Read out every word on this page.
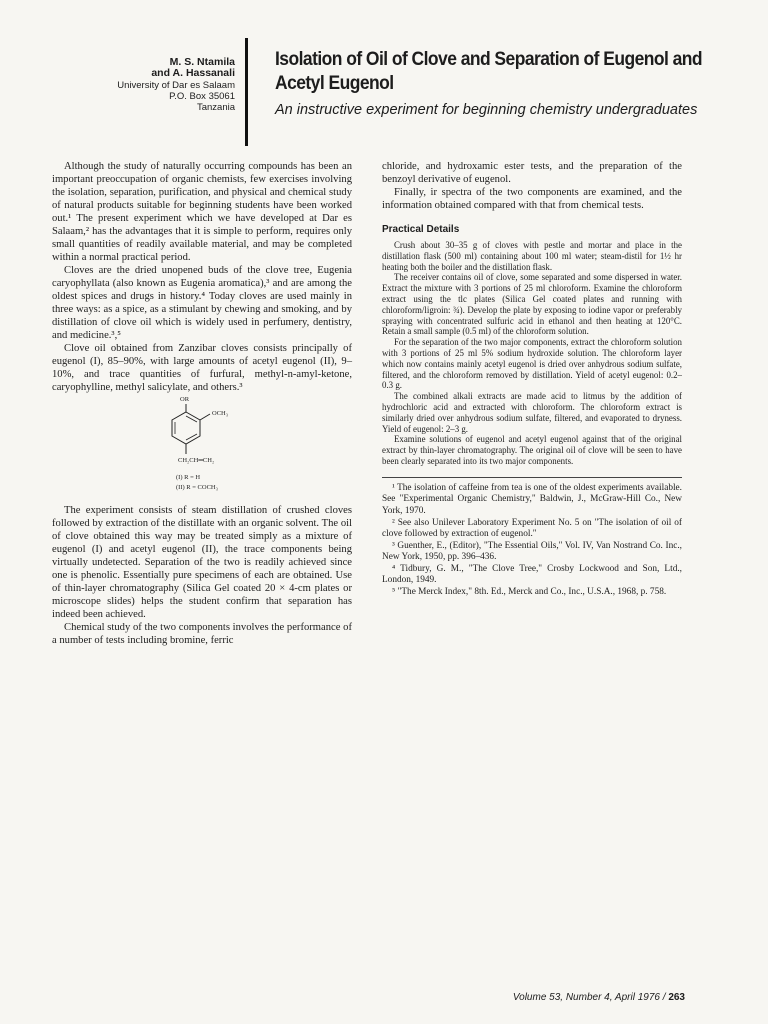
M. S. Ntamila
and A. Hassanali
University of Dar es Salaam
P.O. Box 35061
Tanzania
Isolation of Oil of Clove and Separation of Eugenol and Acetyl Eugenol
An instructive experiment for beginning chemistry undergraduates

Although the study of naturally occurring compounds has been an important preoccupation of organic chemists, few exercises involving the isolation, separation, purification, and physical and chemical study of natural products suitable for beginning students have been worked out.¹ The present experiment which we have developed at Dar es Salaam,² has the advantages that it is simple to perform, requires only small quantities of readily available material, and may be completed within a normal practical period.

Cloves are the dried unopened buds of the clove tree, Eugenia caryophyllata (also known as Eugenia aromatica),³ and are among the oldest spices and drugs in history.⁴ Today cloves are used mainly in three ways: as a spice, as a stimulant by chewing and smoking, and by distillation of clove oil which is widely used in perfumery, dentistry, and medicine.³,⁵

Clove oil obtained from Zanzibar cloves consists principally of eugenol (I), 85–90%, with large amounts of acetyl eugenol (II), 9–10%, and trace quantities of furfural, methyl-n-amyl-ketone, caryophylline, methyl salicylate, and others.³

OR
OCH₃
CH₂CH═CH₂
(I) R = H
(II) R = COCH₃

The experiment consists of steam distillation of crushed cloves followed by extraction of the distillate with an organic solvent. The oil of clove obtained this way may be treated simply as a mixture of eugenol (I) and acetyl eugenol (II), the trace components being virtually undetected. Separation of the two is readily achieved since one is phenolic. Essentially pure specimens of each are obtained. Use of thin-layer chromatography (Silica Gel coated 20 × 4-cm plates or microscope slides) helps the student confirm that separation has indeed been achieved.

Chemical study of the two components involves the performance of a number of tests including bromine, ferric

chloride, and hydroxamic ester tests, and the preparation of the benzoyl derivative of eugenol.

Finally, ir spectra of the two components are examined, and the information obtained compared with that from chemical tests.

Practical Details

Crush about 30–35 g of cloves with pestle and mortar and place in the distillation flask (500 ml) containing about 100 ml water; steam-distil for 1½ hr heating both the boiler and the distillation flask.

The receiver contains oil of clove, some separated and some dispersed in water. Extract the mixture with 3 portions of 25 ml chloroform. Examine the chloroform extract using the tlc plates (Silica Gel coated plates and running with chloroform/ligroin: ¾). Develop the plate by exposing to iodine vapor or preferably spraying with concentrated sulfuric acid in ethanol and then heating at 120°C. Retain a small sample (0.5 ml) of the chloroform solution.

For the separation of the two major components, extract the chloroform solution with 3 portions of 25 ml 5% sodium hydroxide solution. The chloroform layer which now contains mainly acetyl eugenol is dried over anhydrous sodium sulfate, filtered, and the chloroform removed by distillation. Yield of acetyl eugenol: 0.2–0.3 g.

The combined alkali extracts are made acid to litmus by the addition of hydrochloric acid and extracted with chloroform. The chloroform extract is similarly dried over anhydrous sodium sulfate, filtered, and evaporated to dryness. Yield of eugenol: 2–3 g.

Examine solutions of eugenol and acetyl eugenol against that of the original extract by thin-layer chromatography. The original oil of clove will be seen to have been clearly separated into its two major components.

¹ The isolation of caffeine from tea is one of the oldest experiments available. See "Experimental Organic Chemistry," Baldwin, J., McGraw-Hill Co., New York, 1970.

² See also Unilever Laboratory Experiment No. 5 on "The isolation of oil of clove followed by extraction of eugenol."

³ Guenther, E., (Editor), "The Essential Oils," Vol. IV, Van Nostrand Co. Inc., New York, 1950, pp. 396–436.

⁴ Tidbury, G. M., "The Clove Tree," Crosby Lockwood and Son, Ltd., London, 1949.

⁵ "The Merck Index," 8th. Ed., Merck and Co., Inc., U.S.A., 1968, p. 758.

Volume 53, Number 4, April 1976 / 263
